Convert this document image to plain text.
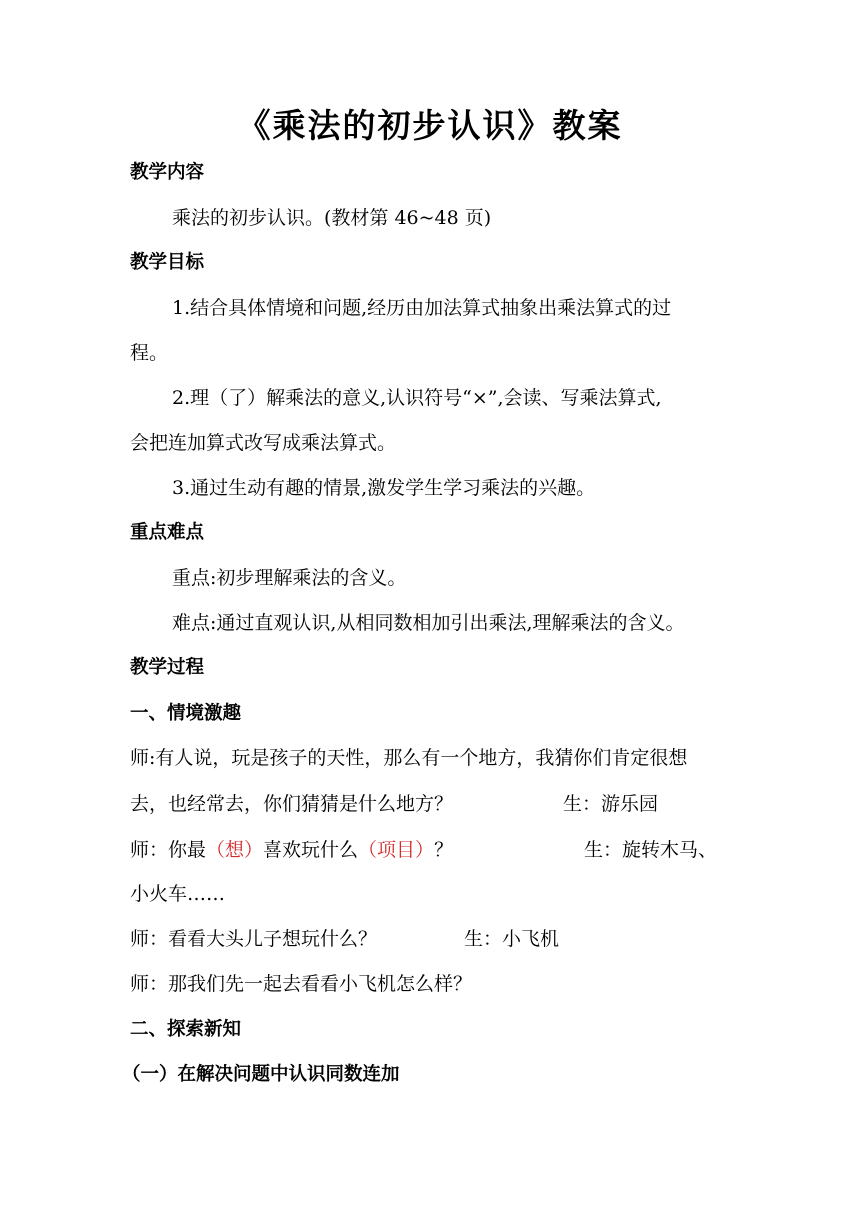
《乘法的初步认识》教案
教学内容
乘法的初步认识。(教材第 46~48 页)
教学目标
1.结合具体情境和问题,经历由加法算式抽象出乘法算式的过
程。
2.理（了）解乘法的意义,认识符号“×”,会读、写乘法算式,
会把连加算式改写成乘法算式。
3.通过生动有趣的情景,激发学生学习乘法的兴趣。
重点难点
重点:初步理解乘法的含义。
难点:通过直观认识,从相同数相加引出乘法,理解乘法的含义。
教学过程
一、情境激趣
师:有人说，玩是孩子的天性，那么有一个地方，我猜你们肯定很想
去，也经常去，你们猜猜是什么地方？	生：游乐园
师：你最（想）喜欢玩什么（项目）？	生：旋转木马、
小火车……
师：看看大头儿子想玩什么？	生：小飞机
师：那我们先一起去看看小飞机怎么样？
二、探索新知
（一）在解决问题中认识同数连加
